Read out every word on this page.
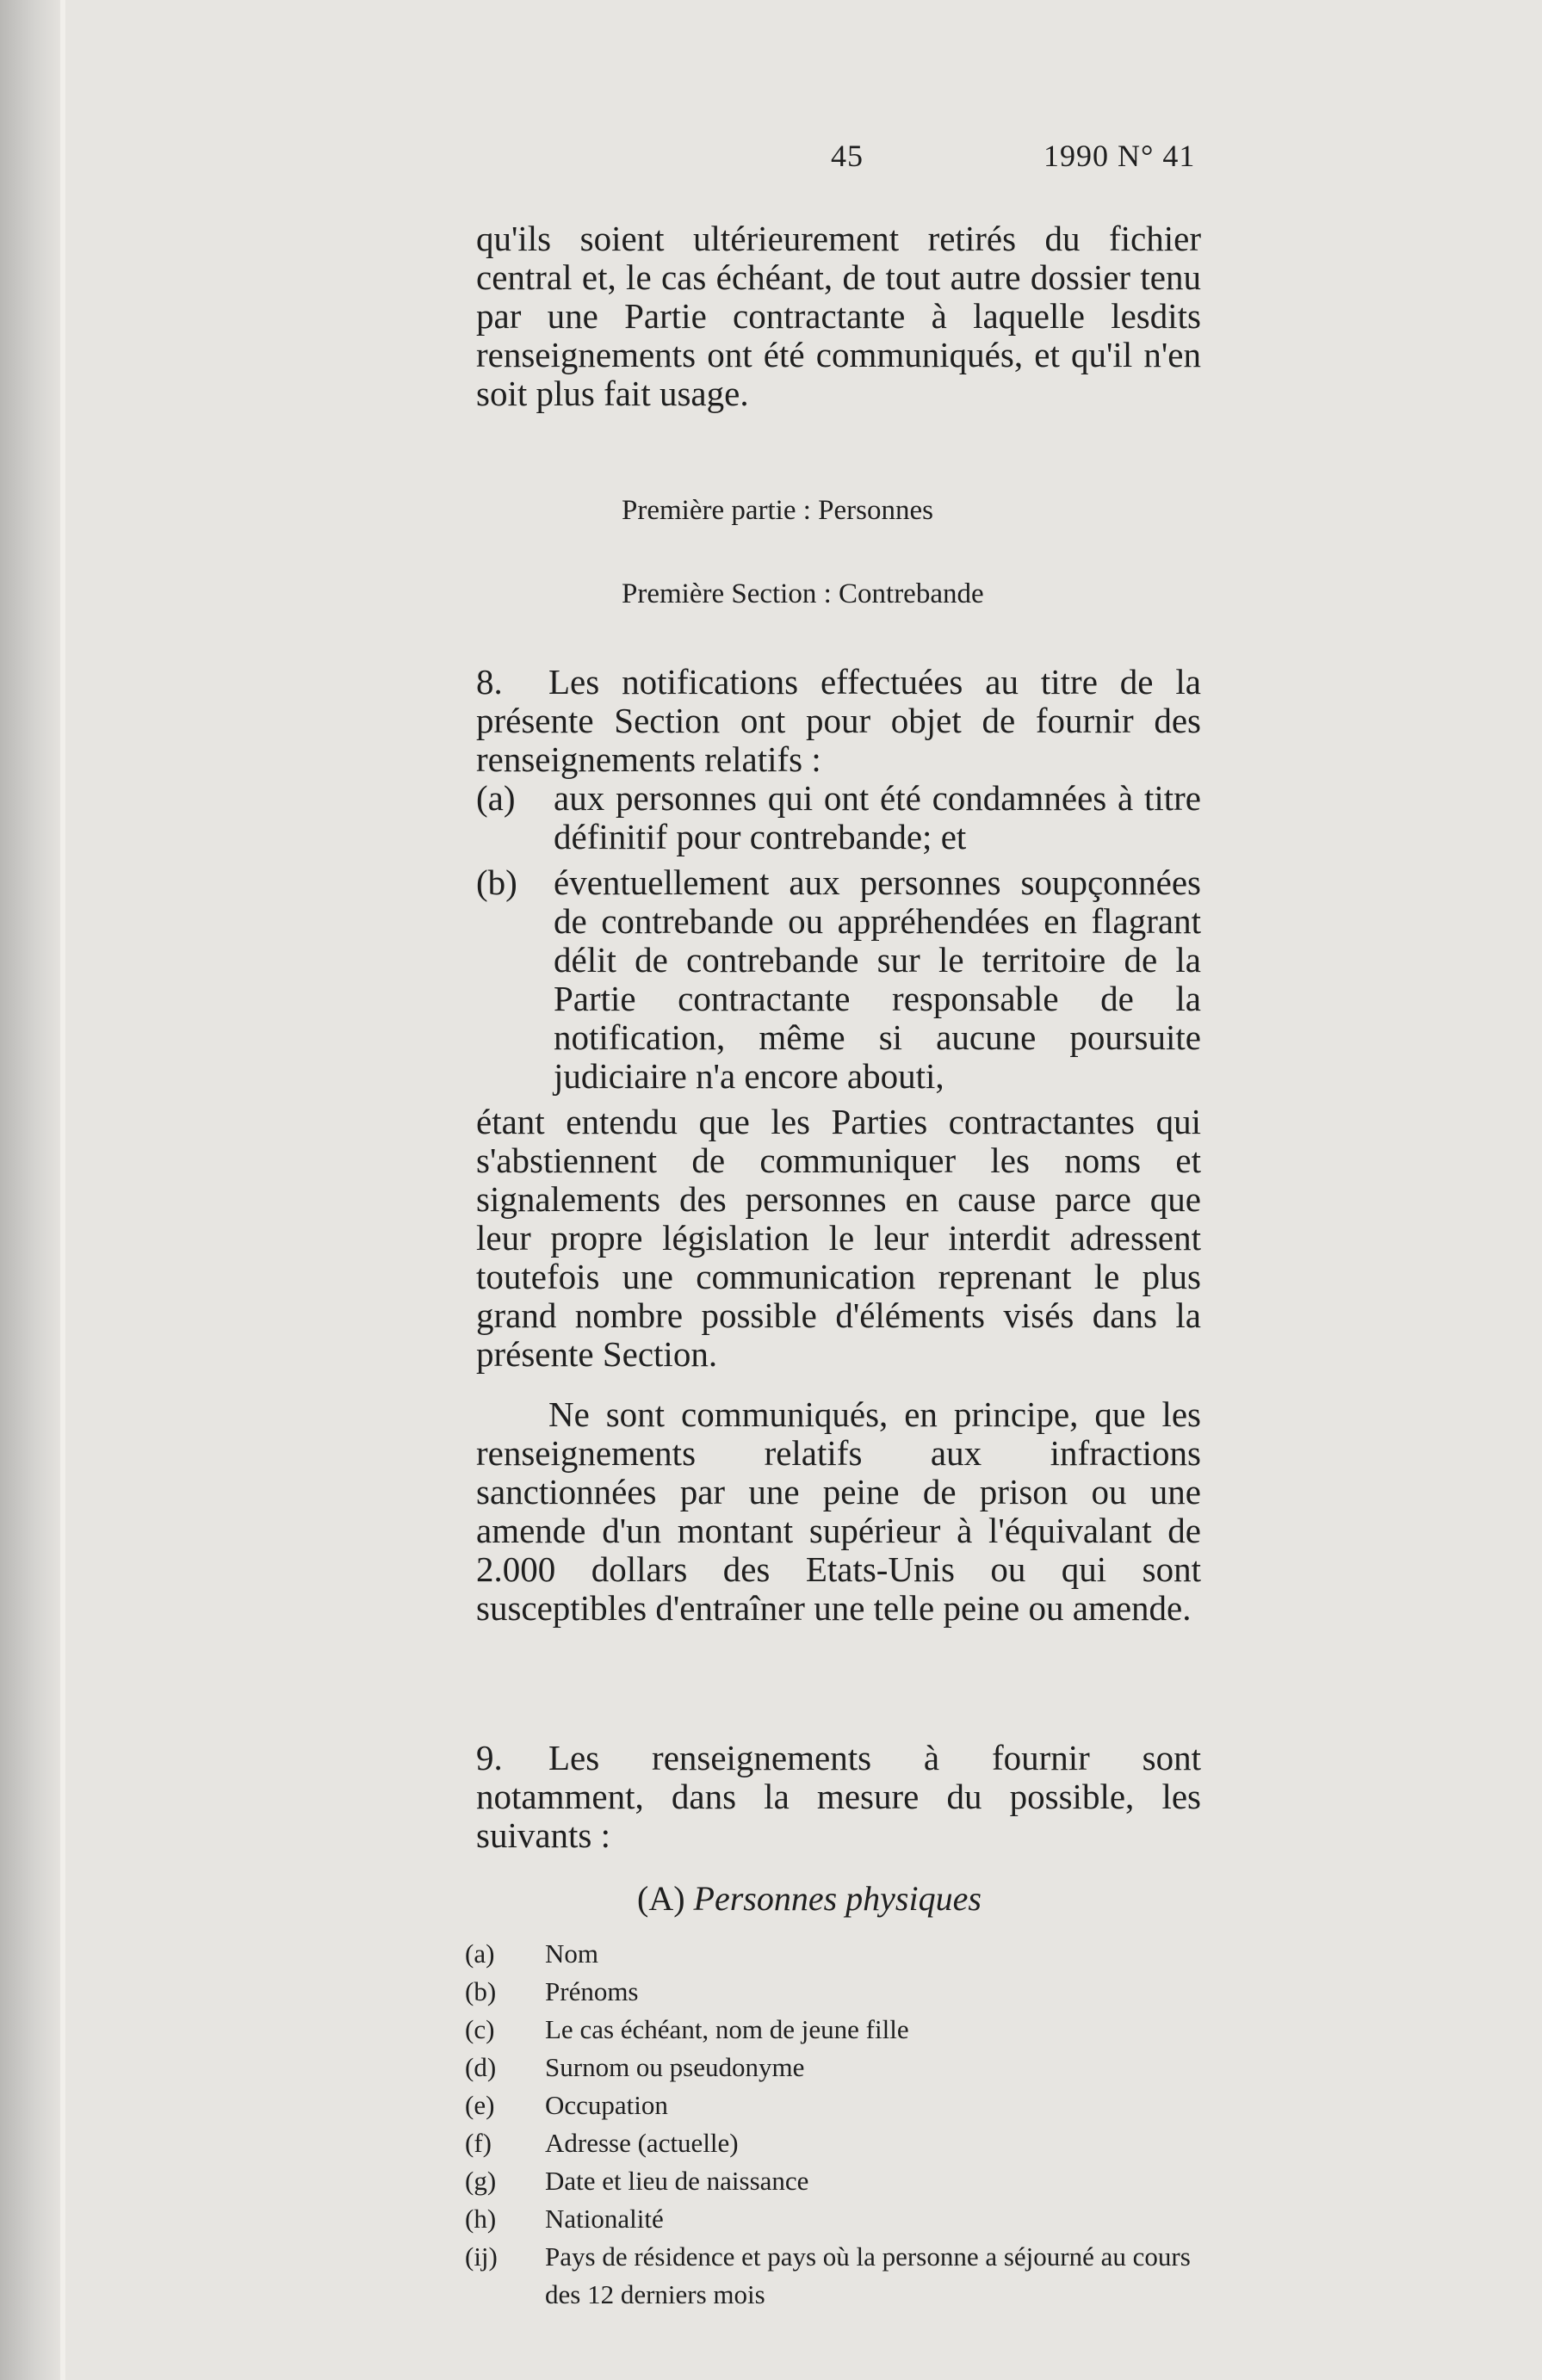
45	1990 N° 41
qu'ils soient ultérieurement retirés du fichier central et, le cas échéant, de tout autre dossier tenu par une Partie contractante à laquelle lesdits renseignements ont été communiqués, et qu'il n'en soit plus fait usage.
Première partie : Personnes
Première Section : Contrebande
8. Les notifications effectuées au titre de la présente Section ont pour objet de fournir des renseignements relatifs :
(a) aux personnes qui ont été condamnées à titre définitif pour contrebande; et
(b) éventuellement aux personnes soupçonnées de contrebande ou appréhendées en flagrant délit de contrebande sur le territoire de la Partie contractante responsable de la notification, même si aucune poursuite judiciaire n'a encore abouti,
étant entendu que les Parties contractantes qui s'abstiennent de communiquer les noms et signalements des personnes en cause parce que leur propre législation le leur interdit adressent toutefois une communication reprenant le plus grand nombre possible d'éléments visés dans la présente Section.
Ne sont communiqués, en principe, que les renseignements relatifs aux infractions sanctionnées par une peine de prison ou une amende d'un montant supérieur à l'équivalant de 2.000 dollars des Etats-Unis ou qui sont susceptibles d'entraîner une telle peine ou amende.
9. Les renseignements à fournir sont notamment, dans la mesure du possible, les suivants :
(A) Personnes physiques
(a) Nom
(b) Prénoms
(c) Le cas échéant, nom de jeune fille
(d) Surnom ou pseudonyme
(e) Occupation
(f) Adresse (actuelle)
(g) Date et lieu de naissance
(h) Nationalité
(ij) Pays de résidence et pays où la personne a séjourné au cours des 12 derniers mois
